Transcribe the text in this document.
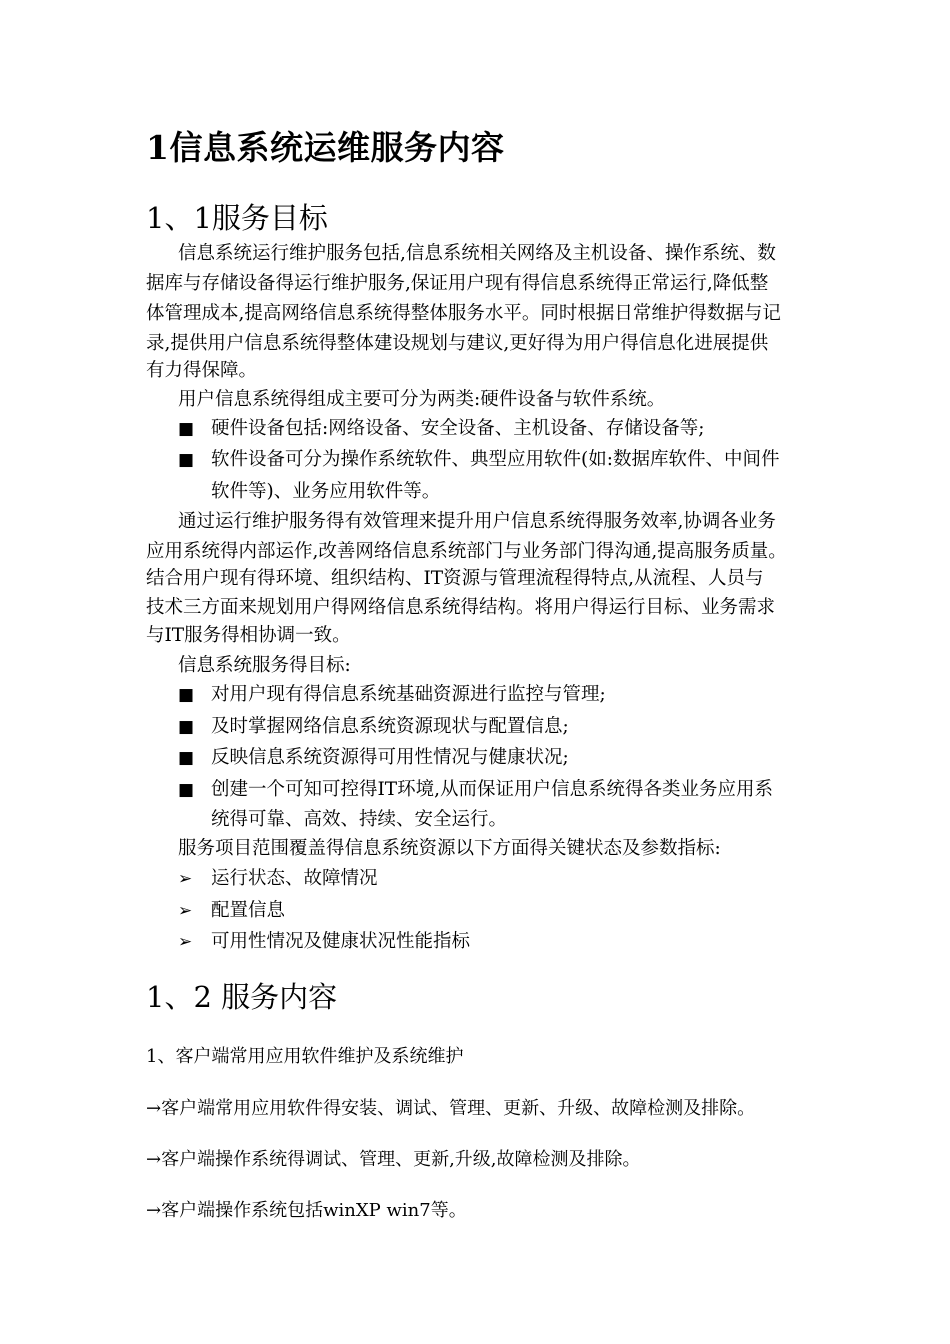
1信息系统运维服务内容
1、1服务目标
信息系统运行维护服务包括,信息系统相关网络及主机设备、操作系统、数
据库与存储设备得运行维护服务,保证用户现有得信息系统得正常运行,降低整
体管理成本,提高网络信息系统得整体服务水平。同时根据日常维护得数据与记
录,提供用户信息系统得整体建设规划与建议,更好得为用户得信息化进展提供
有力得保障。
用户信息系统得组成主要可分为两类:硬件设备与软件系统。
■ 硬件设备包括:网络设备、安全设备、主机设备、存储设备等;
■ 软件设备可分为操作系统软件、典型应用软件(如:数据库软件、中间件
软件等)、业务应用软件等。
通过运行维护服务得有效管理来提升用户信息系统得服务效率,协调各业务
应用系统得内部运作,改善网络信息系统部门与业务部门得沟通,提高服务质量。
结合用户现有得环境、组织结构、IT资源与管理流程得特点,从流程、人员与
技术三方面来规划用户得网络信息系统得结构。将用户得运行目标、业务需求
与IT服务得相协调一致。
信息系统服务得目标:
■ 对用户现有得信息系统基础资源进行监控与管理;
■ 及时掌握网络信息系统资源现状与配置信息;
■ 反映信息系统资源得可用性情况与健康状况;
■ 创建一个可知可控得IT环境,从而保证用户信息系统得各类业务应用系
统得可靠、高效、持续、安全运行。
服务项目范围覆盖得信息系统资源以下方面得关键状态及参数指标:
➢ 运行状态、故障情况
➢ 配置信息
➢ 可用性情况及健康状况性能指标
1、2 服务内容
1、客户端常用应用软件维护及系统维护
→客户端常用应用软件得安装、调试、管理、更新、升级、故障检测及排除。
→客户端操作系统得调试、管理、更新,升级,故障检测及排除。
→客户端操作系统包括winXP win7等。
